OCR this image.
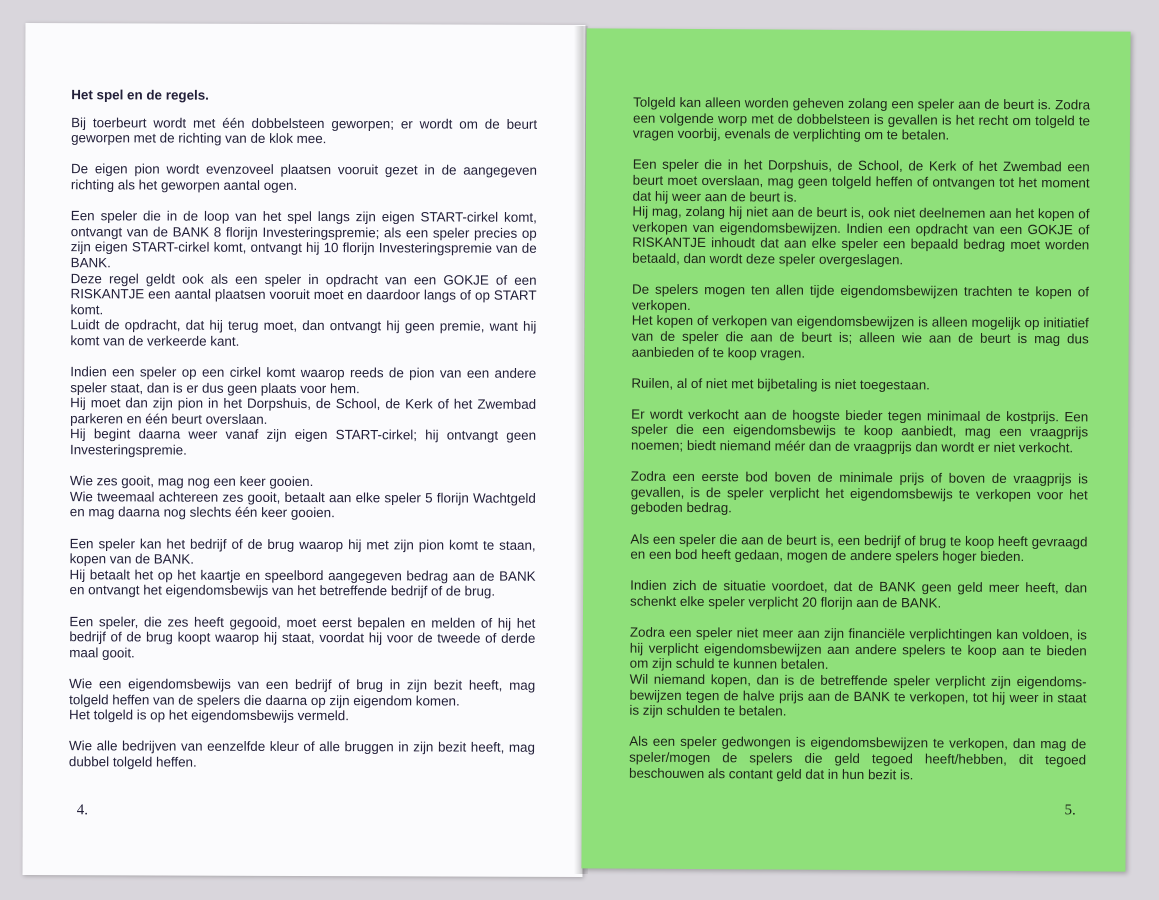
Het spel en de regels.

Bij toerbeurt wordt met één dobbelsteen geworpen; er wordt om de beurt geworpen met de richting van de klok mee.

De eigen pion wordt evenzoveel plaatsen vooruit gezet in de aangegeven richting als het geworpen aantal ogen.

Een speler die in de loop van het spel langs zijn eigen START-cirkel komt, ontvangt van de BANK 8 florijn Investeringspremie; als een speler precies op zijn eigen START-cirkel komt, ontvangt hij 10 florijn Investeringspremie van de BANK.
Deze regel geldt ook als een speler in opdracht van een GOKJE of een RISKANTJE een aantal plaatsen vooruit moet en daardoor langs of op START komt.
Luidt de opdracht, dat hij terug moet, dan ontvangt hij geen premie, want hij komt van de verkeerde kant.

Indien een speler op een cirkel komt waarop reeds de pion van een andere speler staat, dan is er dus geen plaats voor hem.
Hij moet dan zijn pion in het Dorpshuis, de School, de Kerk of het Zwembad parkeren en één beurt overslaan.
Hij begint daarna weer vanaf zijn eigen START-cirkel; hij ontvangt geen Investeringspremie.

Wie zes gooit, mag nog een keer gooien.
Wie tweemaal achtereen zes gooit, betaalt aan elke speler 5 florijn Wachtgeld en mag daarna nog slechts één keer gooien.

Een speler kan het bedrijf of de brug waarop hij met zijn pion komt te staan, kopen van de BANK.
Hij betaalt het op het kaartje en speelbord aangegeven bedrag aan de BANK en ontvangt het eigendomsbewijs van het betreffende bedrijf of de brug.

Een speler, die zes heeft gegooid, moet eerst bepalen en melden of hij het bedrijf of de brug koopt waarop hij staat, voordat hij voor de tweede of derde maal gooit.

Wie een eigendomsbewijs van een bedrijf of brug in zijn bezit heeft, mag tolgeld heffen van de spelers die daarna op zijn eigendom komen.
Het tolgeld is op het eigendomsbewijs vermeld.

Wie alle bedrijven van eenzelfde kleur of alle bruggen in zijn bezit heeft, mag dubbel tolgeld heffen.

4.

Tolgeld kan alleen worden geheven zolang een speler aan de beurt is. Zodra een volgende worp met de dobbelsteen is gevallen is het recht om tolgeld te vragen voorbij, evenals de verplichting om te betalen.

Een speler die in het Dorpshuis, de School, de Kerk of het Zwembad een beurt moet overslaan, mag geen tolgeld heffen of ontvangen tot het moment dat hij weer aan de beurt is.
Hij mag, zolang hij niet aan de beurt is, ook niet deelnemen aan het kopen of verkopen van eigendomsbewijzen. Indien een opdracht van een GOKJE of RISKANTJE inhoudt dat aan elke speler een bepaald bedrag moet worden betaald, dan wordt deze speler overgeslagen.

De spelers mogen ten allen tijde eigendomsbewijzen trachten te kopen of verkopen.
Het kopen of verkopen van eigendomsbewijzen is alleen mogelijk op initiatief van de speler die aan de beurt is; alleen wie aan de beurt is mag dus aanbieden of te koop vragen.

Ruilen, al of niet met bijbetaling is niet toegestaan.

Er wordt verkocht aan de hoogste bieder tegen minimaal de kostprijs. Een speler die een eigendomsbewijs te koop aanbiedt, mag een vraagprijs noemen; biedt niemand méér dan de vraagprijs dan wordt er niet verkocht.

Zodra een eerste bod boven de minimale prijs of boven de vraagprijs is gevallen, is de speler verplicht het eigendomsbewijs te verkopen voor het geboden bedrag.

Als een speler die aan de beurt is, een bedrijf of brug te koop heeft gevraagd en een bod heeft gedaan, mogen de andere spelers hoger bieden.

Indien zich de situatie voordoet, dat de BANK geen geld meer heeft, dan schenkt elke speler verplicht 20 florijn aan de BANK.

Zodra een speler niet meer aan zijn financiële verplichtingen kan voldoen, is hij verplicht eigendomsbewijzen aan andere spelers te koop aan te bieden om zijn schuld te kunnen betalen.
Wil niemand kopen, dan is de betreffende speler verplicht zijn eigendoms-bewijzen tegen de halve prijs aan de BANK te verkopen, tot hij weer in staat is zijn schulden te betalen.

Als een speler gedwongen is eigendomsbewijzen te verkopen, dan mag de speler/mogen de spelers die geld tegoed heeft/hebben, dit tegoed beschouwen als contant geld dat in hun bezit is.

5.
